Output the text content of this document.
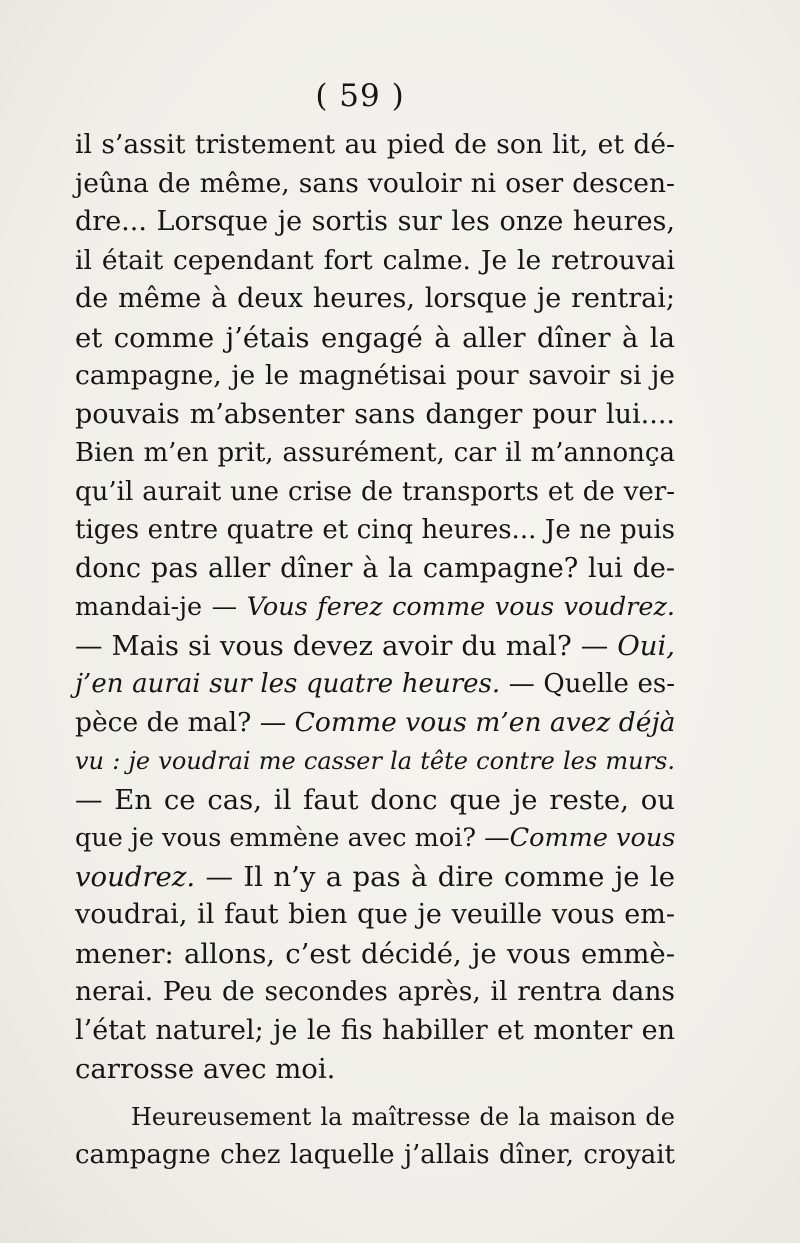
( 59 )
il s’assit tristement au pied de son lit, et dé-
jeûna de même, sans vouloir ni oser descen-
dre... Lorsque je sortis sur les onze heures,
il était cependant fort calme. Je le retrouvai
de même à deux heures, lorsque je rentrai;
et comme j’étais engagé à aller dîner à la
campagne, je le magnétisai pour savoir si je
pouvais m’absenter sans danger pour lui....
Bien m’en prit, assurément, car il m’annonça
qu’il aurait une crise de transports et de ver-
tiges entre quatre et cinq heures... Je ne puis
donc pas aller dîner à la campagne? lui de-
mandai-je — Vous ferez comme vous voudrez.
— Mais si vous devez avoir du mal? — Oui,
j’en aurai sur les quatre heures. — Quelle es-
pèce de mal? — Comme vous m’en avez déjà
vu : je voudrai me casser la tête contre les murs.
— En ce cas, il faut donc que je reste, ou
que je vous emmène avec moi? —Comme vous
voudrez. — Il n’y a pas à dire comme je le
voudrai, il faut bien que je veuille vous em-
mener: allons, c’est décidé, je vous emmè-
nerai. Peu de secondes après, il rentra dans
l’état naturel; je le fis habiller et monter en
carrosse avec moi.
Heureusement la maîtresse de la maison de
campagne chez laquelle j’allais dîner, croyait
